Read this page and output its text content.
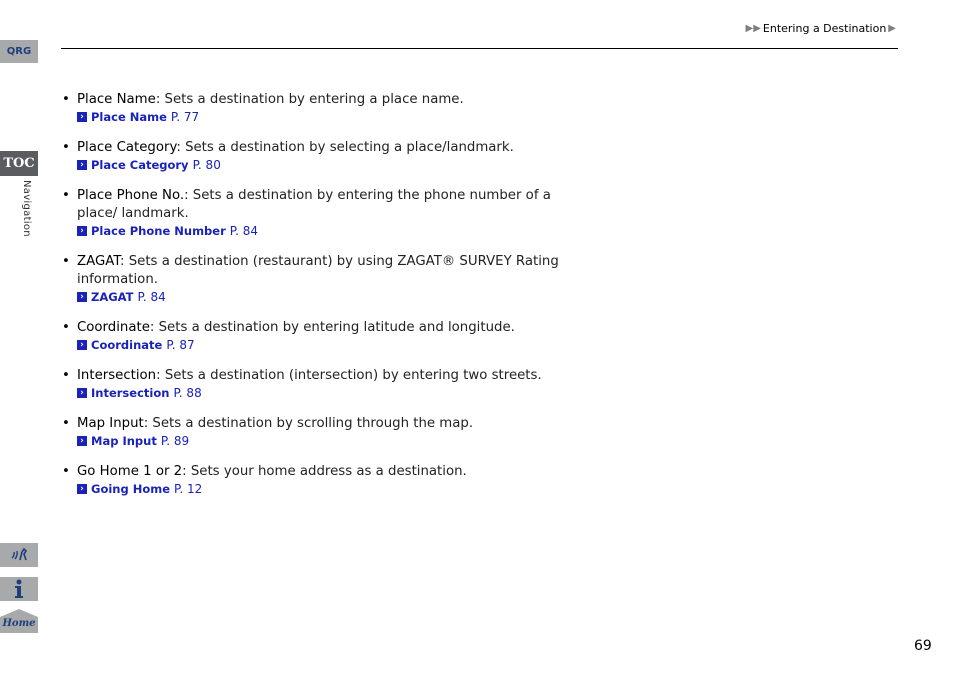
QRG
TOC
Navigation
▶▶ Entering a Destination ▶
• Place Name: Sets a destination by entering a place name.
› Place Name P. 77
• Place Category: Sets a destination by selecting a place/landmark.
› Place Category P. 80
• Place Phone No.: Sets a destination by entering the phone number of a place/ landmark.
› Place Phone Number P. 84
• ZAGAT: Sets a destination (restaurant) by using ZAGAT® SURVEY Rating information.
› ZAGAT P. 84
• Coordinate: Sets a destination by entering latitude and longitude.
› Coordinate P. 87
• Intersection: Sets a destination (intersection) by entering two streets.
› Intersection P. 88
• Map Input: Sets a destination by scrolling through the map.
› Map Input P. 89
• Go Home 1 or 2: Sets your home address as a destination.
› Going Home P. 12
Home
69
